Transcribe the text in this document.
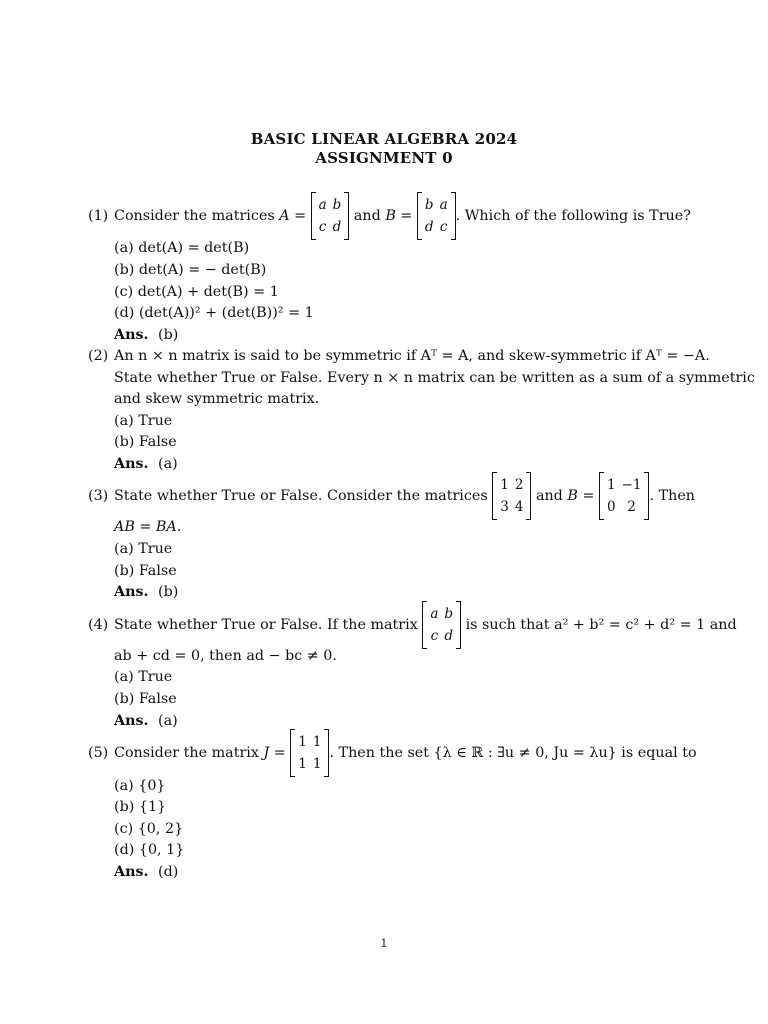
BASIC LINEAR ALGEBRA 2024
ASSIGNMENT 0
(1) Consider the matrices A =
a	b
c	d
and B =
b	a
d	c
. Which of the following is True?
(a) det(A) = det(B)
(b) det(A) = − det(B)
(c) det(A) + det(B) = 1
(d) (det(A))² + (det(B))² = 1
Ans. (b)
(2) An n × n matrix is said to be symmetric if Aᵀ = A, and skew-symmetric if Aᵀ = −A.
State whether True or False. Every n × n matrix can be written as a sum of a symmetric
and skew symmetric matrix.
(a) True
(b) False
Ans. (a)
(3) State whether True or False. Consider the matrices
1	2
3	4
and B =
1	−1
0	2
. Then
AB = BA.
(a) True
(b) False
Ans. (b)
(4) State whether True or False. If the matrix
a	b
c	d
is such that a² + b² = c² + d² = 1 and
ab + cd = 0, then ad − bc ≠ 0.
(a) True
(b) False
Ans. (a)
(5) Consider the matrix J =
1	1
1	1
. Then the set {λ ∈ ℝ : ∃u ≠ 0, Ju = λu} is equal to
(a) {0}
(b) {1}
(c) {0, 2}
(d) {0, 1}
Ans. (d)
1
